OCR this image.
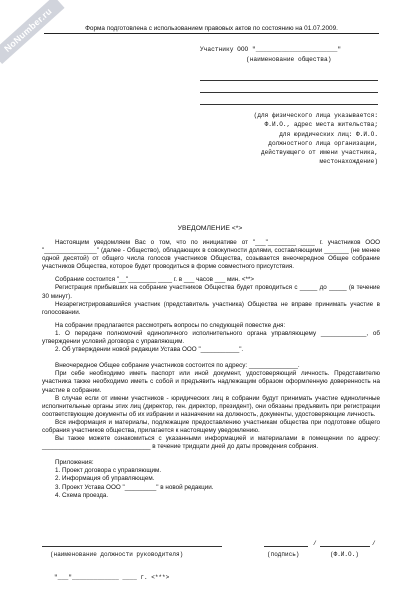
NoNumber.ru	Форма подготовлена с использованием правовых актов по состоянию на 01.07.2009.
Участнику ООО "______________________"
(наименование общества)
(для физического лица указывается:
Ф.И.О., адрес места жительства;
для юридических лиц: Ф.И.О.
должностного лица организации,
действующего от имени участника,
местонахождение)
УВЕДОМЛЕНИЕ <*>

Настоящим уведомляем Вас о том, что по инициативе от "___"________ ____ г. участников ООО "_______________" (далее - Общество), обладающих в совокупности долями, составляющими _______ (не менее одной десятой) от общего числа голосов участников Общества, созывается внеочередное Общее собрание участников Общества, которое будет проводиться в форме совместного присутствия.

Собрание состоится "__"________ ____ г. в ___ часов ___ мин. <**>

Регистрация прибывших на собрание участников Общества будет проводиться с _____ до _____ (в течение 30 минут).

Незарегистрировавшийся участник (представитель участника) Общества не вправе принимать участие в голосовании.

На собрании предлагается рассмотреть вопросы по следующей повестке дня:

1. О передаче полномочий единоличного исполнительного органа управляющему _____________, об утверждении условий договора с управляющим.

2. Об утверждении новой редакции Устава ООО "___________".

Внеочередное Общее собрание участников состоится по адресу: ______________.

При себе необходимо иметь паспорт или иной документ, удостоверяющий личность. Представителю участника также необходимо иметь с собой и предъявить надлежащим образом оформленную доверенность на участие в собрании.

В случае если от имени участников - юридических лиц в собрании будут принимать участие единоличные исполнительные органы этих лиц (директор, ген. директор, президент), они обязаны предъявить при регистрации соответствующие документы об их избрании и назначении на должность, документы, удостоверяющие личность.

Вся информация и материалы, подлежащие предоставлению участникам общества при подготовке общего собрания участников общества, прилагается к настоящему уведомлению.

Вы также можете ознакомиться с указанными информацией и материалами в помещении по адресу: _______________________________ в течение тридцати дней до даты проведения собрания.

Приложения:

1. Проект договора с управляющим.

2. Информация об управляющем.

3. Проект Устава ООО "_________" в новой редакции.

4. Схема проезда.

/	/
(наименование должности руководителя)	(подпись)	(Ф.И.О.)
"___"_____________ ____ г. <***>
